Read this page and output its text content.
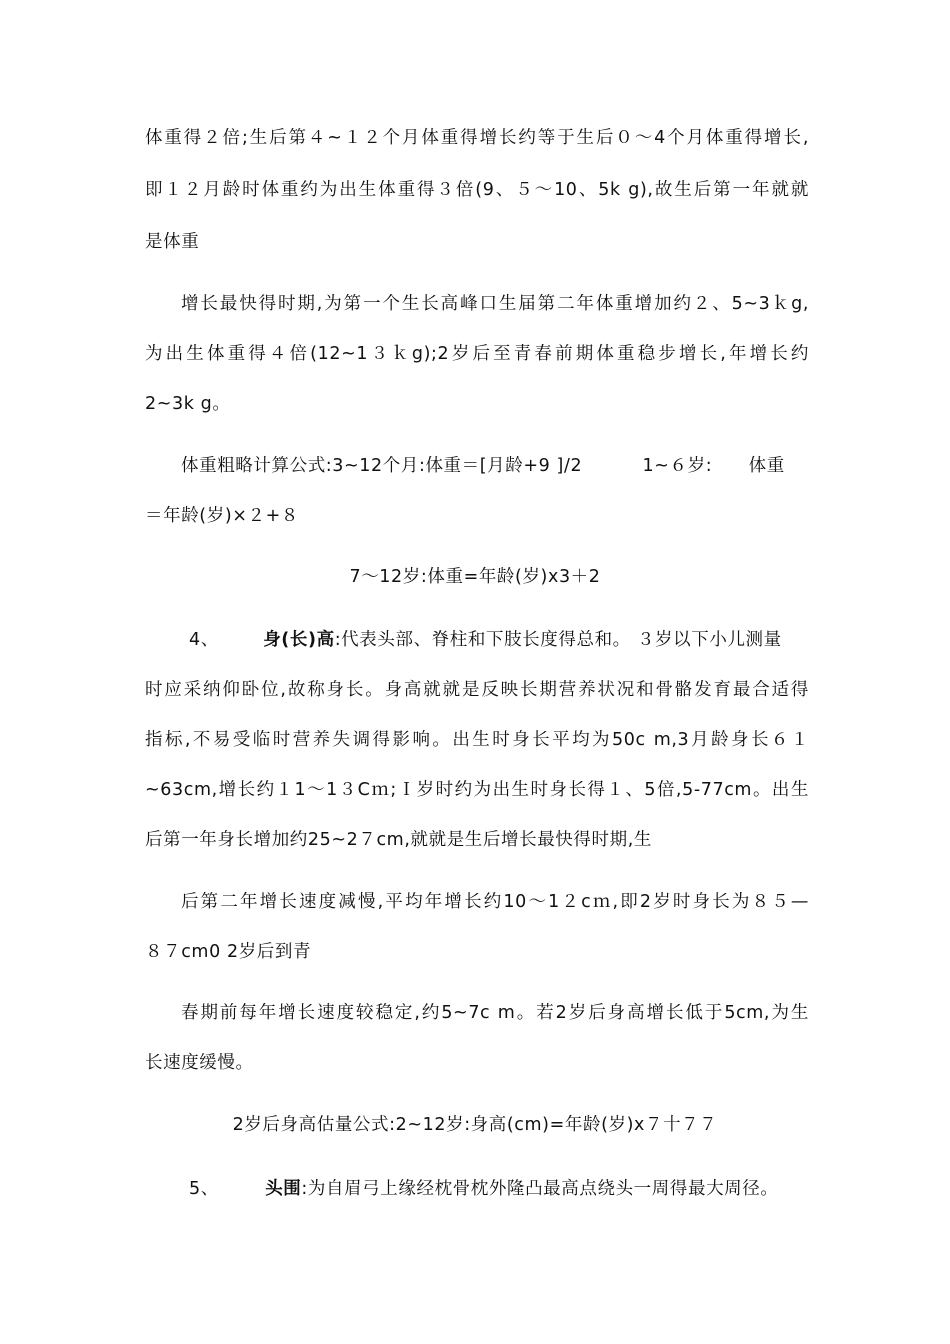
体重得２倍;生后第４~１２个月体重得增长约等于生后０～4个月体重得增长,
即１２月龄时体重约为出生体重得３倍(9、５～10、5k g),故生后第一年就就
是体重
增长最快得时期,为第一个生长高峰口生届第二年体重增加约２、5~3ｋg,
为出生体重得４倍(12~1３ｋg);2岁后至青春前期体重稳步增长,年增长约
2~3k g。
体重粗略计算公式:3~12个月:体重＝[月龄+9 ]/2	1~６岁: 体重
＝年龄(岁)×２+８
7～12岁:体重=年龄(岁)x3＋2
4、	身(长)高:代表头部、脊柱和下肢长度得总和。 ３岁以下小儿测量
时应采纳仰卧位,故称身长。身高就就是反映长期营养状况和骨骼发育最合适得
指标,不易受临时营养失调得影响。出生时身长平均为50c m,3月龄身长６１
~63cm,增长约１1～1３Cｍ;Ｉ岁时约为出生时身长得１、5倍,5-77cm。出生
后第一年身长增加约25~2７cm,就就是生后增长最快得时期,生
后第二年增长速度减慢,平均年增长约10～1２cｍ,即2岁时身长为８５—
８７cm0 2岁后到青
春期前每年增长速度较稳定,约5~7c m。若2岁后身高增长低于5cm,为生
长速度缓慢。
2岁后身高估量公式:2~12岁:身高(cm)=年龄(岁)x７十７７
5、	头围:为自眉弓上缘经枕骨枕外隆凸最高点绕头一周得最大周径。
